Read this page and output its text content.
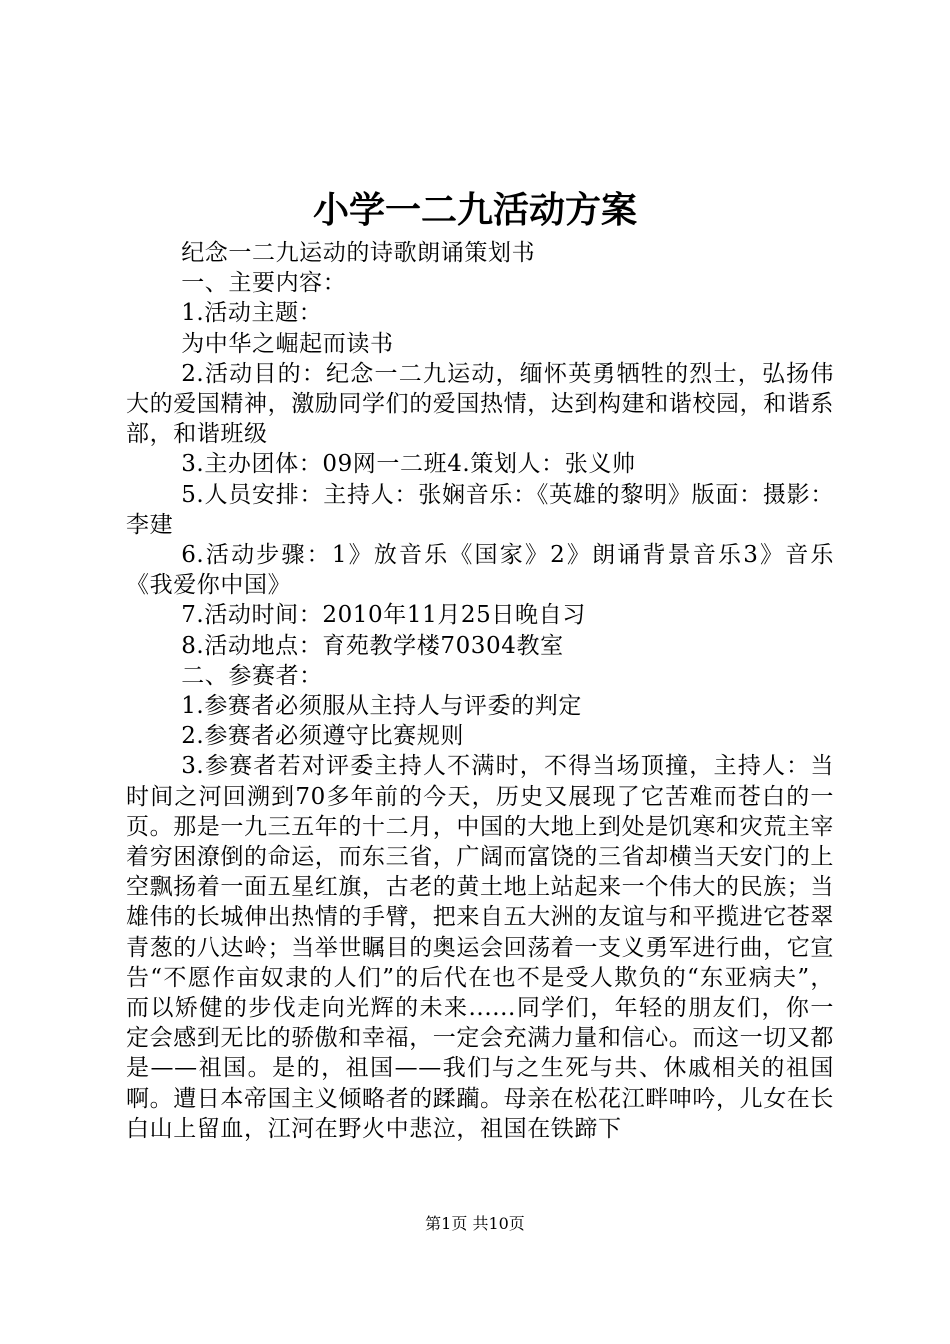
小学一二九活动方案

纪念一二九运动的诗歌朗诵策划书

一、主要内容：

1.活动主题：

为中华之崛起而读书

2.活动目的：纪念一二九运动，缅怀英勇牺牲的烈士，弘扬伟大的爱国精神，激励同学们的爱国热情，达到构建和谐校园，和谐系部，和谐班级

3.主办团体：09网一二班4.策划人：张义帅

5.人员安排：主持人：张娴音乐：《英雄的黎明》版面：摄影：李建

6.活动步骤：1》放音乐《国家》2》朗诵背景音乐3》音乐《我爱你中国》

7.活动时间：2010年11月25日晚自习

8.活动地点：育苑教学楼70304教室

二、参赛者：

1.参赛者必须服从主持人与评委的判定

2.参赛者必须遵守比赛规则

3.参赛者若对评委主持人不满时，不得当场顶撞，主持人：当时间之河回溯到70多年前的今天，历史又展现了它苦难而苍白的一页。那是一九三五年的十二月，中国的大地上到处是饥寒和灾荒主宰着穷困潦倒的命运，而东三省，广阔而富饶的三省却横当天安门的上空飘扬着一面五星红旗，古老的黄土地上站起来一个伟大的民族；当雄伟的长城伸出热情的手臂，把来自五大洲的友谊与和平揽进它苍翠青葱的八达岭；当举世瞩目的奥运会回荡着一支义勇军进行曲，它宣告“不愿作亩奴隶的人们”的后代在也不是受人欺负的“东亚病夫”，而以矫健的步伐走向光辉的未来......同学们，年轻的朋友们，你一定会感到无比的骄傲和幸福，一定会充满力量和信心。而这一切又都是——祖国。是的，祖国——我们与之生死与共、休戚相关的祖国啊。遭日本帝国主义倾略者的蹂躏。母亲在松花江畔呻吟，儿女在长白山上留血，江河在野火中悲泣，祖国在铁蹄下

第1页 共10页
